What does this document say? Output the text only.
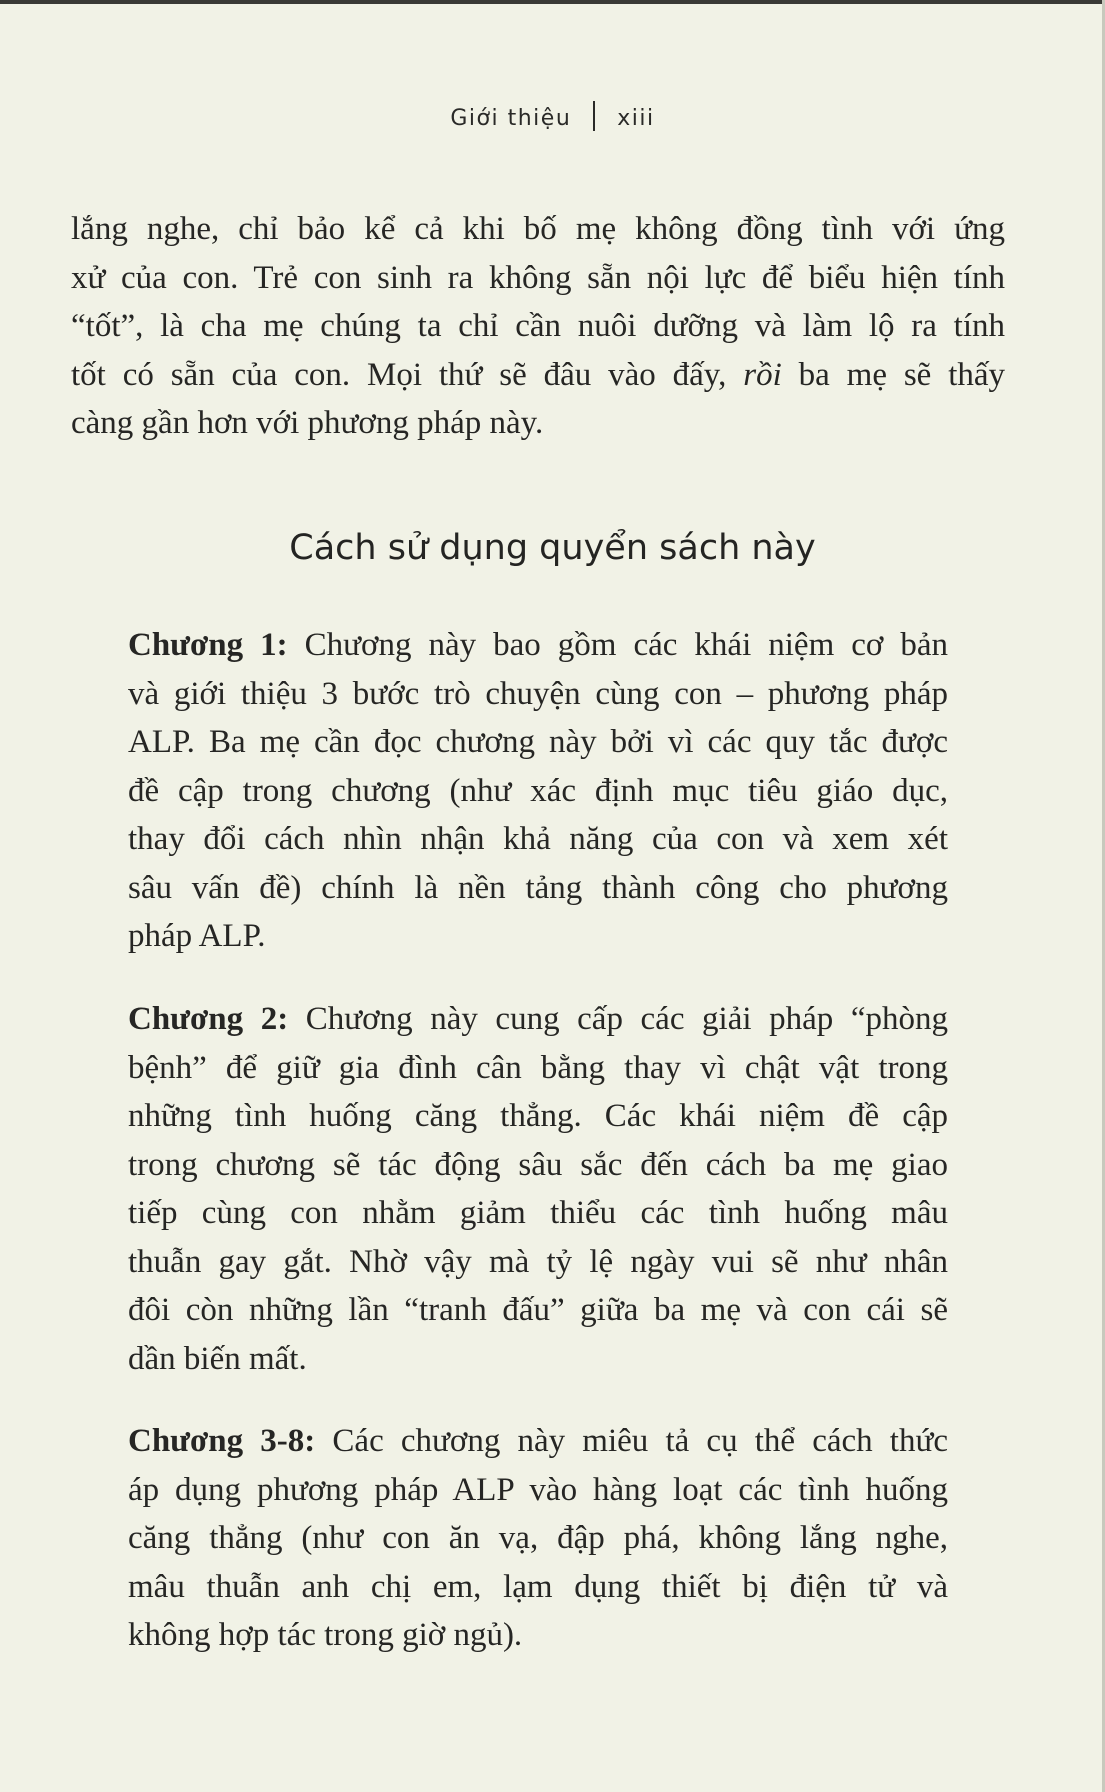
Giới thiệu xiii

lắng nghe, chỉ bảo kể cả khi bố mẹ không đồng tình với ứng
xử của con. Trẻ con sinh ra không sẵn nội lực để biểu hiện tính
“tốt”, là cha mẹ chúng ta chỉ cần nuôi dưỡng và làm lộ ra tính
tốt có sẵn của con. Mọi thứ sẽ đâu vào đấy, rồi ba mẹ sẽ thấy
càng gần hơn với phương pháp này.

Cách sử dụng quyển sách này

Chương 1: Chương này bao gồm các khái niệm cơ bản
và giới thiệu 3 bước trò chuyện cùng con – phương pháp
ALP. Ba mẹ cần đọc chương này bởi vì các quy tắc được
đề cập trong chương (như xác định mục tiêu giáo dục,
thay đổi cách nhìn nhận khả năng của con và xem xét
sâu vấn đề) chính là nền tảng thành công cho phương
pháp ALP.

Chương 2: Chương này cung cấp các giải pháp “phòng
bệnh” để giữ gia đình cân bằng thay vì chật vật trong
những tình huống căng thẳng. Các khái niệm đề cập
trong chương sẽ tác động sâu sắc đến cách ba mẹ giao
tiếp cùng con nhằm giảm thiểu các tình huống mâu
thuẫn gay gắt. Nhờ vậy mà tỷ lệ ngày vui sẽ như nhân
đôi còn những lần “tranh đấu” giữa ba mẹ và con cái sẽ
dần biến mất.

Chương 3-8: Các chương này miêu tả cụ thể cách thức
áp dụng phương pháp ALP vào hàng loạt các tình huống
căng thẳng (như con ăn vạ, đập phá, không lắng nghe,
mâu thuẫn anh chị em, lạm dụng thiết bị điện tử và
không hợp tác trong giờ ngủ).
